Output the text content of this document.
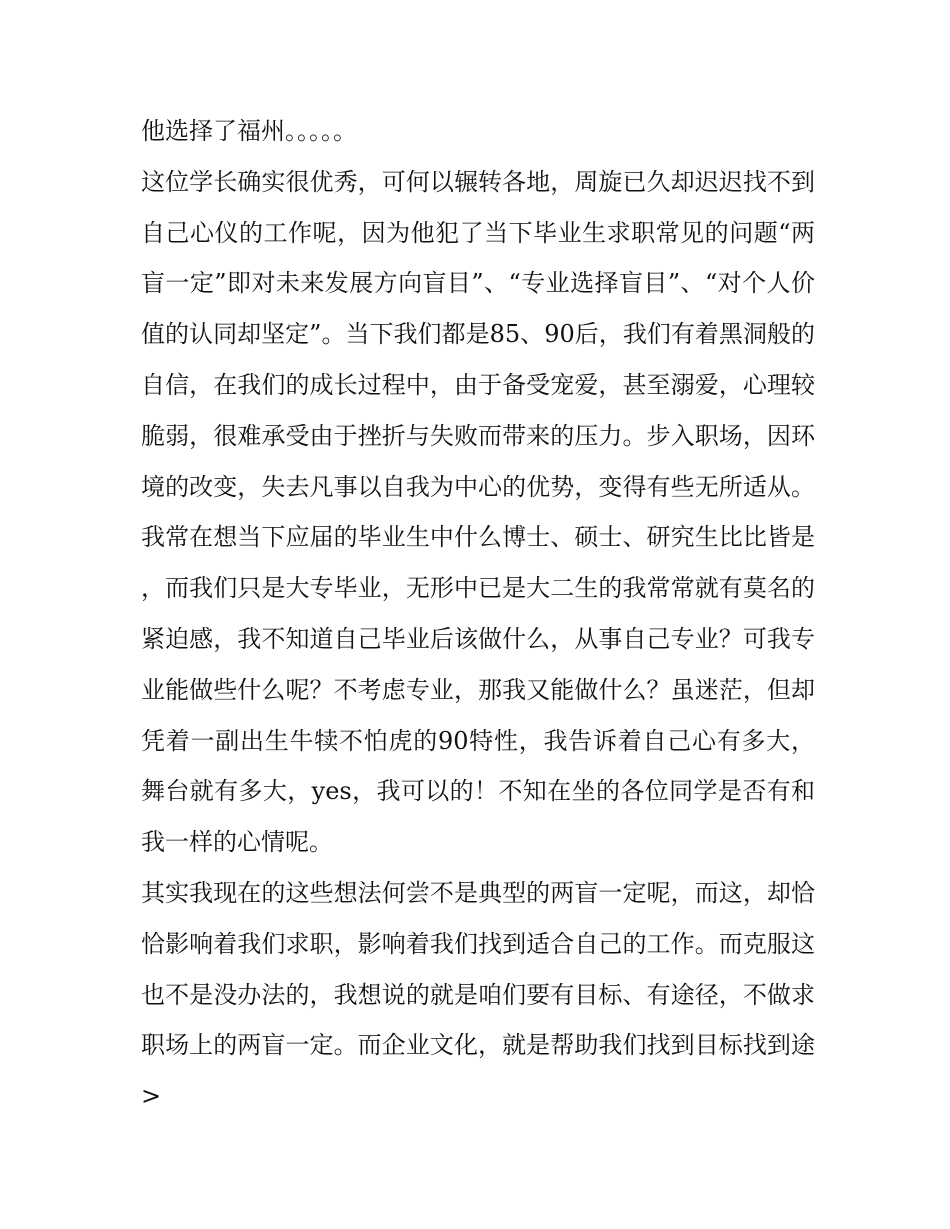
他选择了福州。。。。。

这位学长确实很优秀，可何以辗转各地，周旋已久却迟迟找不到自己心仪的工作呢，因为他犯了当下毕业生求职常见的问题“两盲一定”即对未来发展方向盲目”、“专业选择盲目”、“对个人价值的认同却坚定”。当下我们都是85、90后，我们有着黑洞般的自信，在我们的成长过程中，由于备受宠爱，甚至溺爱，心理较脆弱，很难承受由于挫折与失败而带来的压力。步入职场，因环境的改变，失去凡事以自我为中心的优势，变得有些无所适从。我常在想当下应届的毕业生中什么博士、硕士、研究生比比皆是，而我们只是大专毕业，无形中已是大二生的我常常就有莫名的紧迫感，我不知道自己毕业后该做什么，从事自己专业？可我专业能做些什么呢？不考虑专业，那我又能做什么？虽迷茫，但却凭着一副出生牛犊不怕虎的90特性，我告诉着自己心有多大，舞台就有多大，yes，我可以的！不知在坐的各位同学是否有和我一样的心情呢。

其实我现在的这些想法何尝不是典型的两盲一定呢，而这，却恰恰影响着我们求职，影响着我们找到适合自己的工作。而克服这也不是没办法的，我想说的就是咱们要有目标、有途径，不做求职场上的两盲一定。而企业文化，就是帮助我们找到目标找到途>
